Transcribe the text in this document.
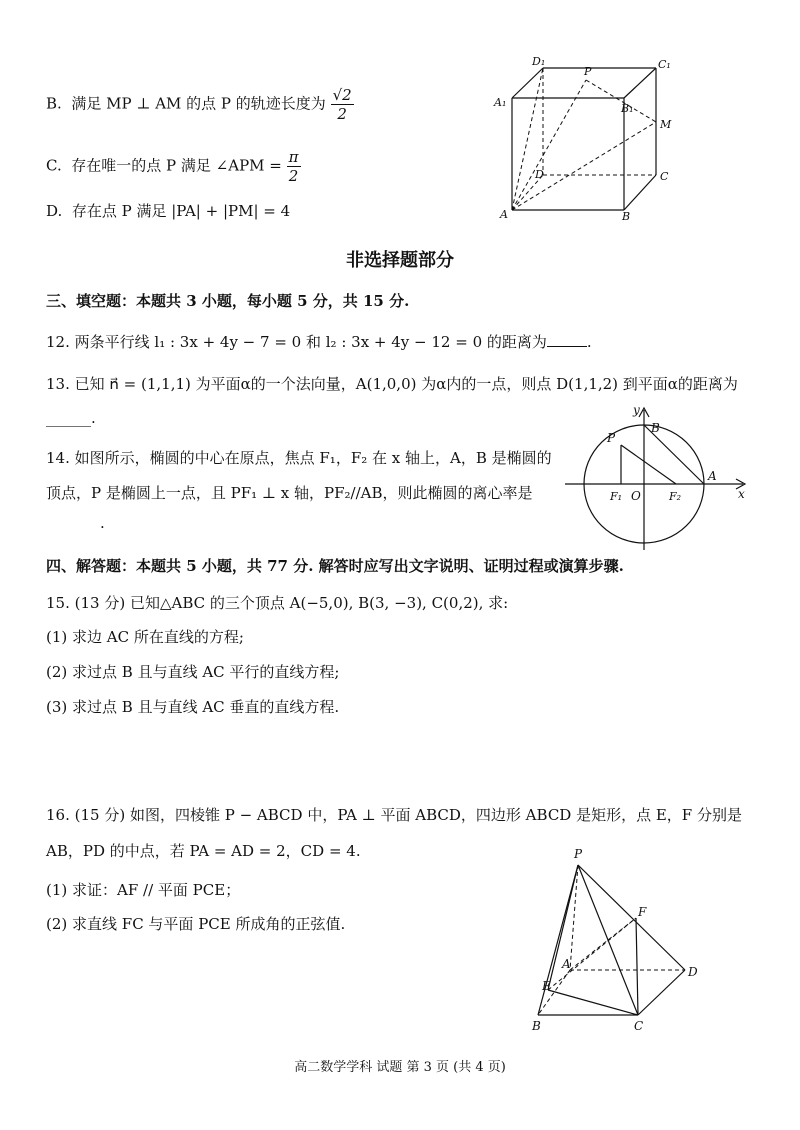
B. 满足 MP ⊥ AM 的点 P 的轨迹长度为 $\frac{√2}{2}$
C. 存在唯一的点 P 满足 ∠APM = $\frac{\pi}{2}$
D. 存在点 P 满足 |PA| + |PM| = 4
D₁	C₁
A₁	B₁
P
M
D	C
A	B
非选择题部分
三、填空题：本题共 3 小题，每小题 5 分，共 15 分.
12. 两条平行线 l₁ : 3x + 4y − 7 = 0 和 l₂ : 3x + 4y − 12 = 0 的距离为	.
13. 已知 n⃗ = (1,1,1) 为平面α的一个法向量，A(1,0,0) 为α内的一点，则点 D(1,1,2) 到平面α的距离为
______.
14. 如图所示，椭圆的中心在原点，焦点 F₁，F₂ 在 x 轴上，A，B 是椭圆的
顶点，P 是椭圆上一点，且 PF₁ ⊥ x 轴，PF₂//AB，则此椭圆的离心率是
.
y
x
P
B
A
F₁ O	F₂
四、解答题：本题共 5 小题，共 77 分. 解答时应写出文字说明、证明过程或演算步骤.
15. (13 分) 已知△ABC 的三个顶点 A(−5,0), B(3, −3), C(0,2), 求:
(1) 求边 AC 所在直线的方程;
(2) 求过点 B 且与直线 AC 平行的直线方程;
(3) 求过点 B 且与直线 AC 垂直的直线方程.
16. (15 分) 如图，四棱锥 P − ABCD 中，PA ⊥ 平面 ABCD，四边形 ABCD 是矩形，点 E，F 分别是
AB，PD 的中点，若 PA = AD = 2，CD = 4.
(1) 求证：AF // 平面 PCE；
(2) 求直线 FC 与平面 PCE 所成角的正弦值.
P
F
A
D
E
B	C
高二数学学科 试题 第 3 页 (共 4 页)
